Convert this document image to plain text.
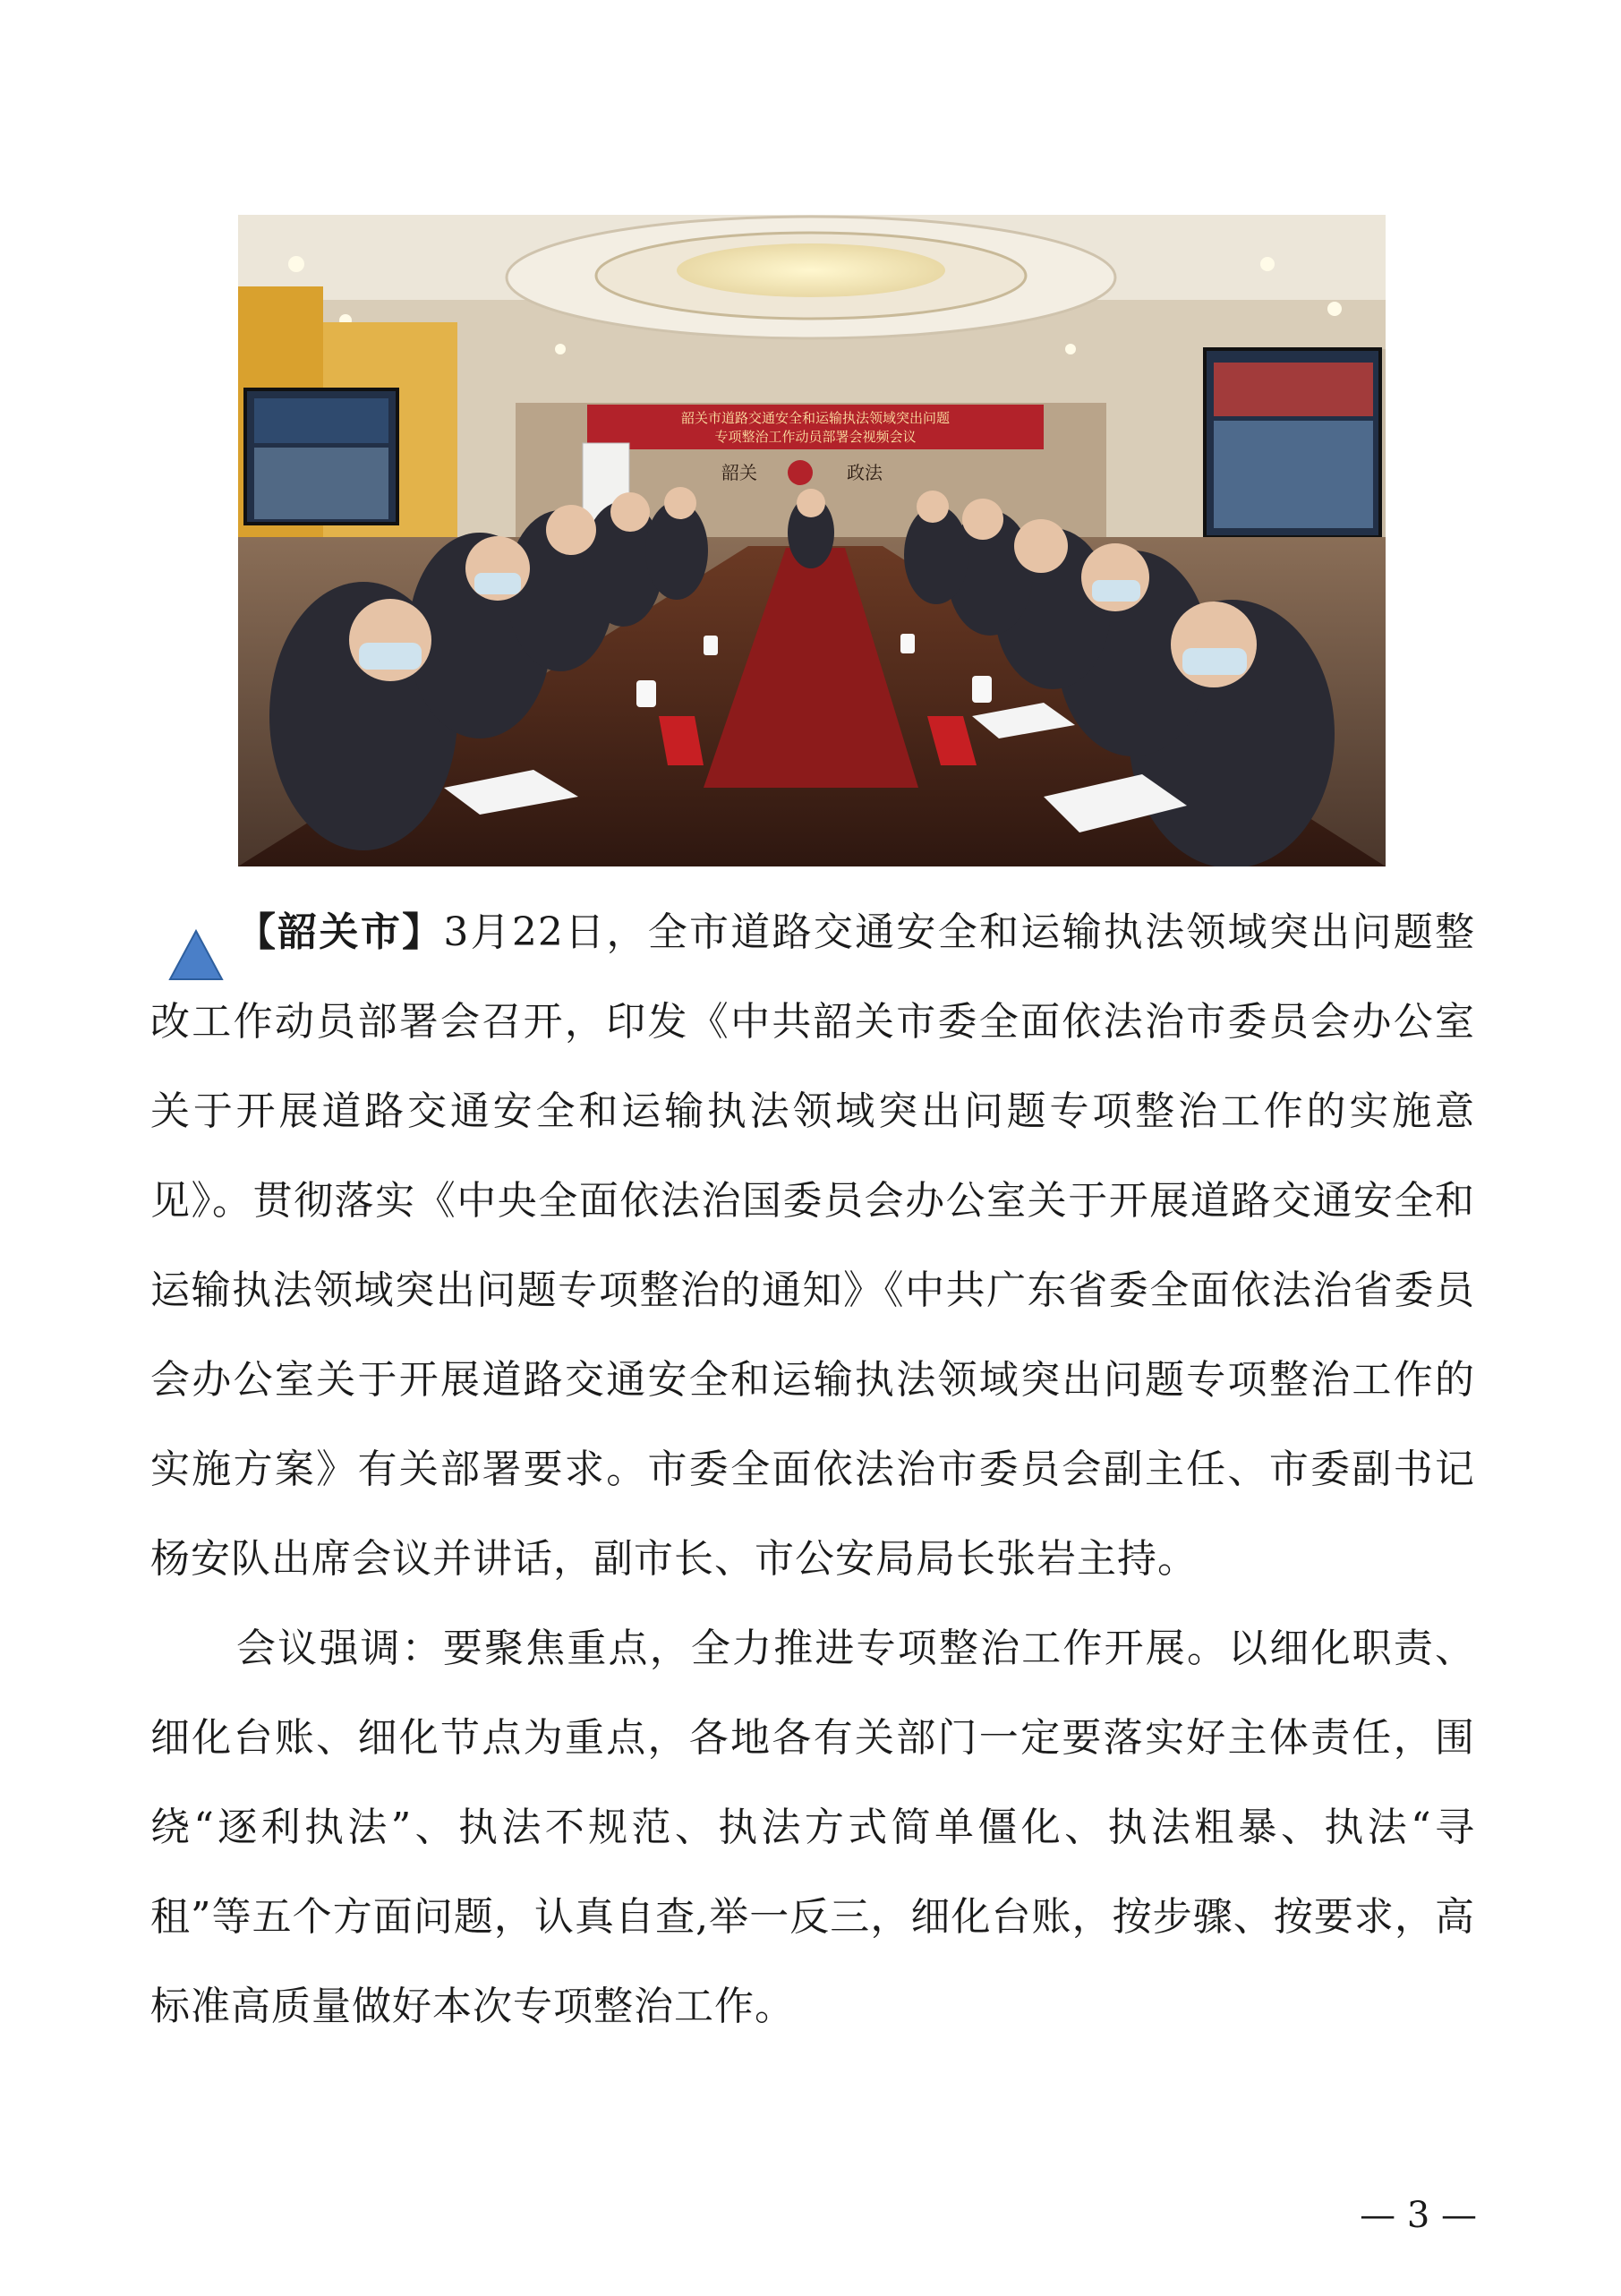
韶关市道路交通安全和运输执法领域突出问题
专项整治工作动员部署会视频会议
韶关	政法

【韶关市】3月22日，全市道路交通安全和运输执法领域突出问题整改工作动员部署会召开，印发《中共韶关市委全面依法治市委员会办公室关于开展道路交通安全和运输执法领域突出问题专项整治工作的实施意见》。贯彻落实《中央全面依法治国委员会办公室关于开展道路交通安全和运输执法领域突出问题专项整治的通知》《中共广东省委全面依法治省委员会办公室关于开展道路交通安全和运输执法领域突出问题专项整治工作的实施方案》有关部署要求。市委全面依法治市委员会副主任、市委副书记杨安队出席会议并讲话，副市长、市公安局局长张岩主持。

会议强调：要聚焦重点，全力推进专项整治工作开展。以细化职责、细化台账、细化节点为重点，各地各有关部门一定要落实好主体责任，围绕“逐利执法”、执法不规范、执法方式简单僵化、执法粗暴、执法“寻租”等五个方面问题，认真自查,举一反三，细化台账，按步骤、按要求，高标准高质量做好本次专项整治工作。

— 3 —
